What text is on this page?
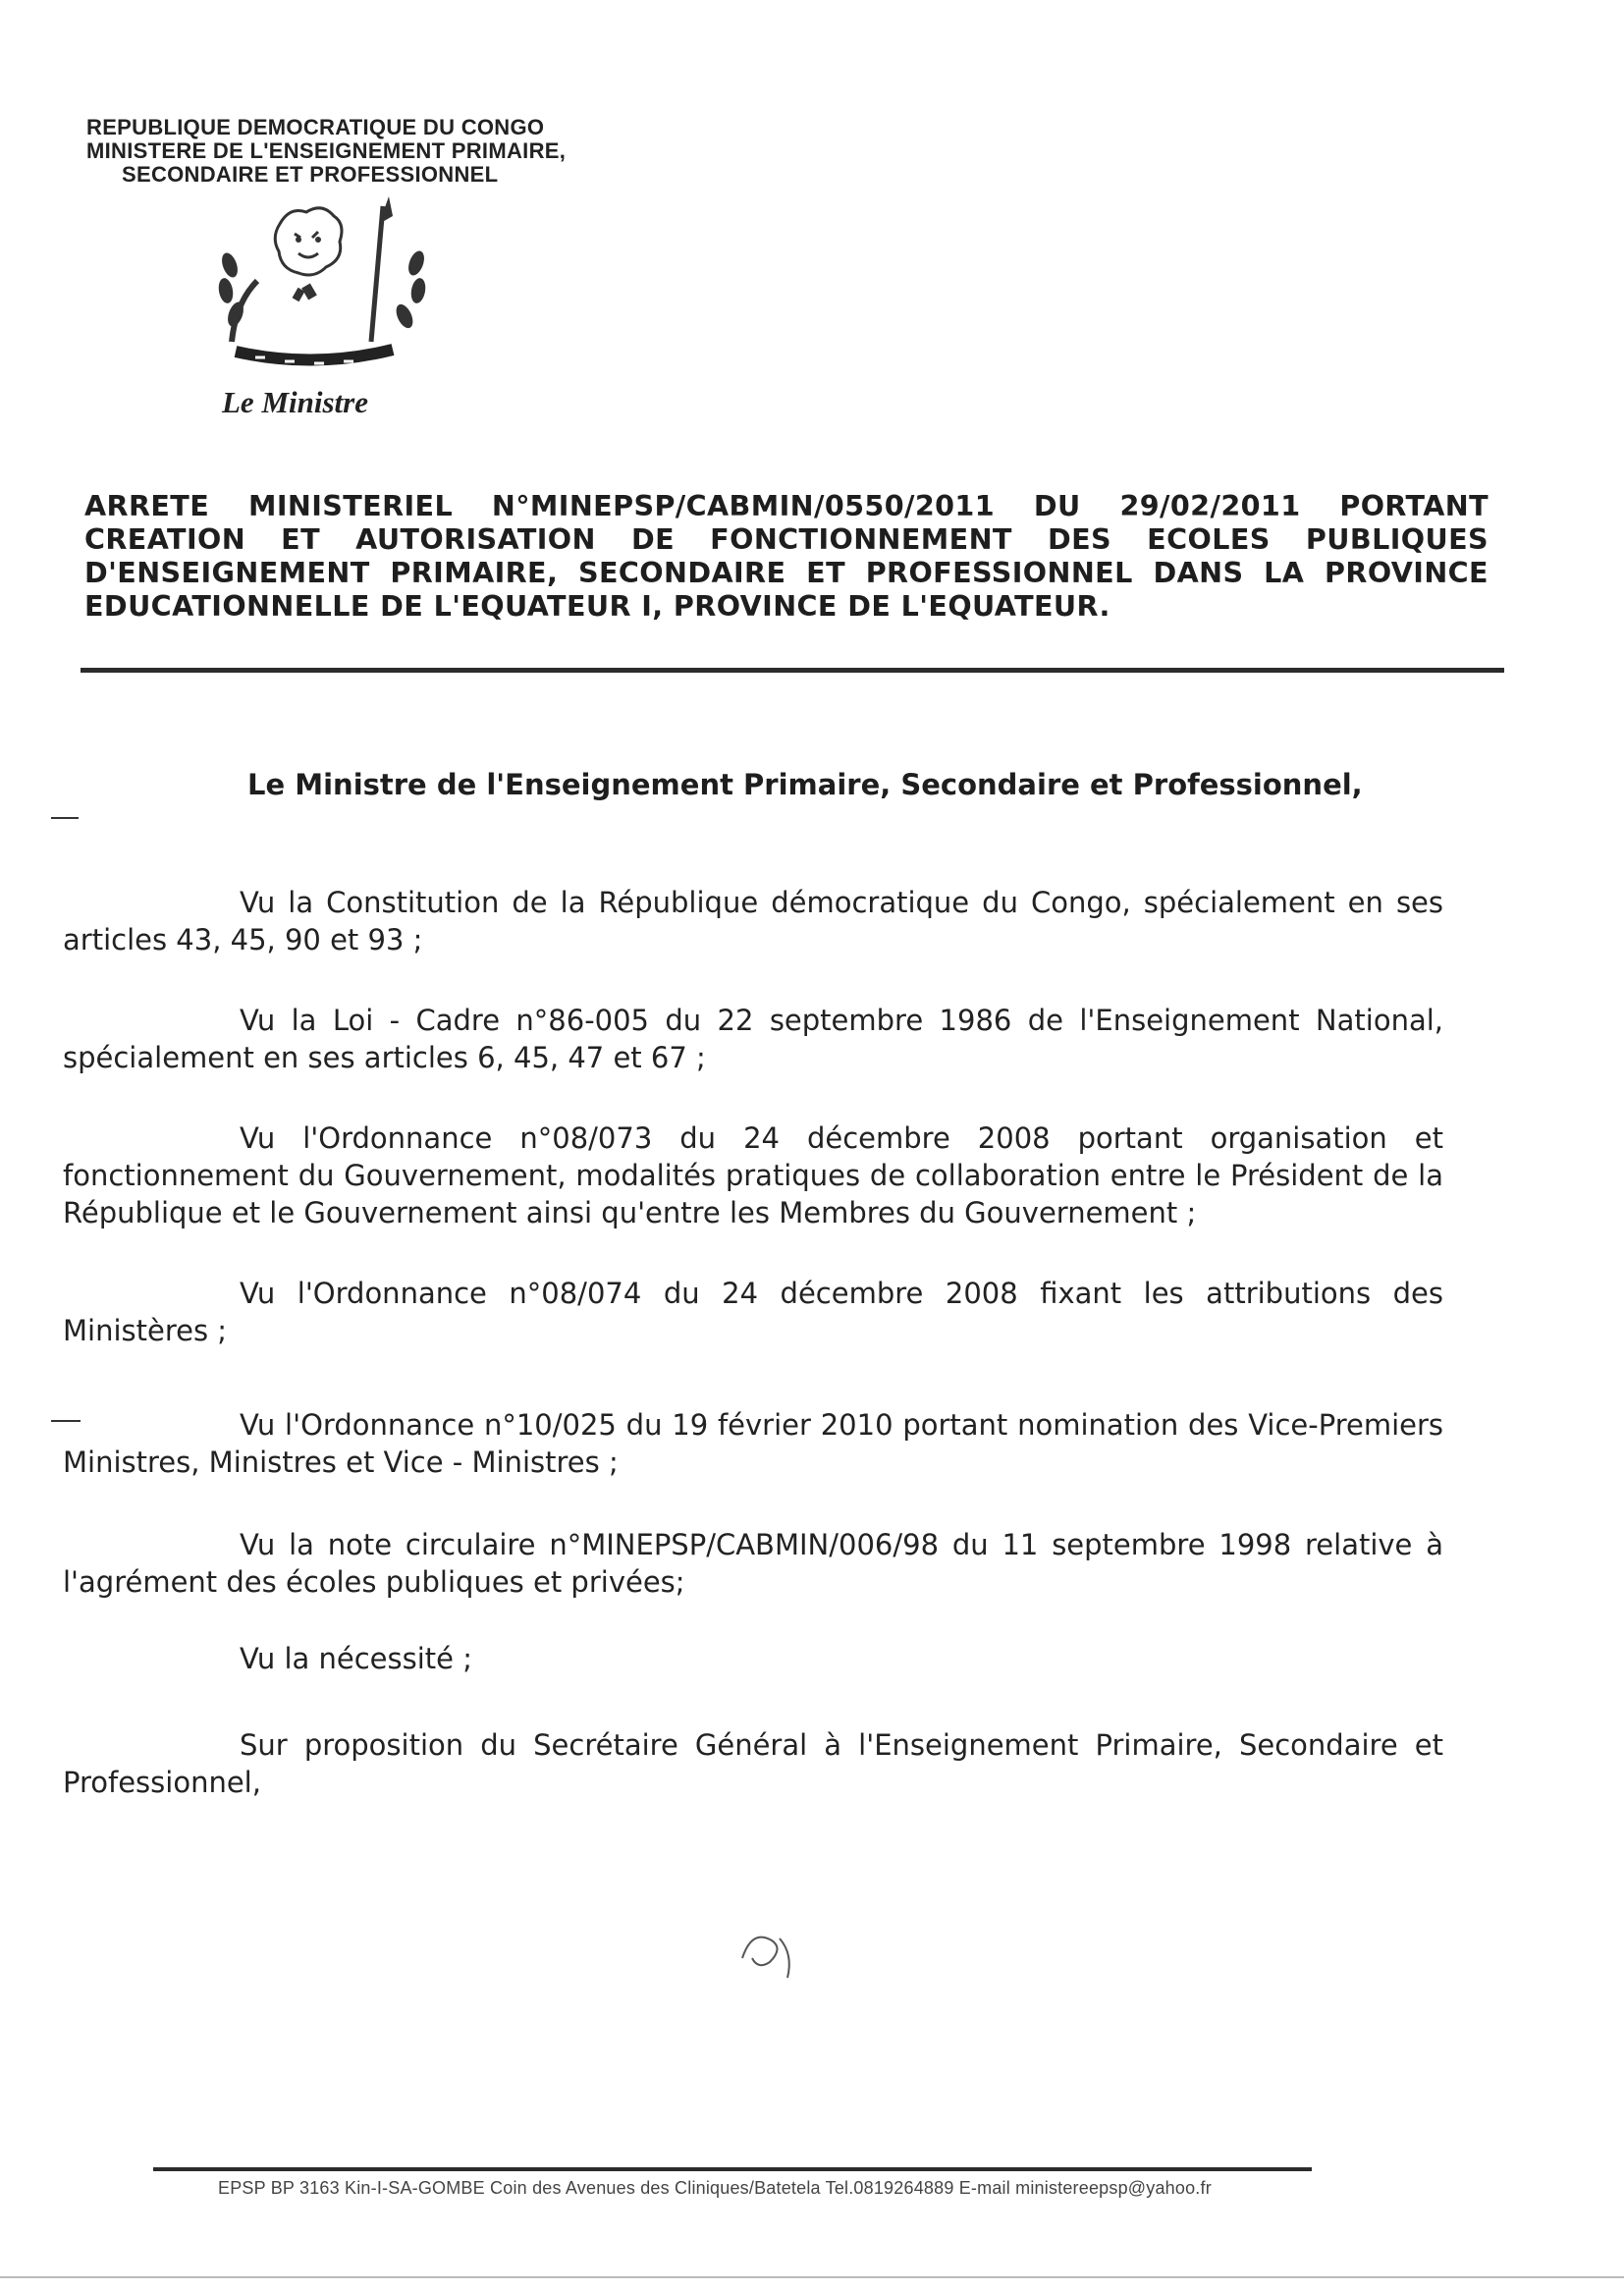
REPUBLIQUE DEMOCRATIQUE DU CONGO
MINISTERE DE L'ENSEIGNEMENT PRIMAIRE,
SECONDAIRE ET PROFESSIONNEL
Le Ministre
ARRETE MINISTERIEL N°MINEPSP/CABMIN/0550/2011 DU 29/02/2011 PORTANT CREATION ET AUTORISATION DE FONCTIONNEMENT DES ECOLES PUBLIQUES D'ENSEIGNEMENT PRIMAIRE, SECONDAIRE ET PROFESSIONNEL DANS LA PROVINCE EDUCATIONNELLE DE L'EQUATEUR I, PROVINCE DE L'EQUATEUR.
Le Ministre de l'Enseignement Primaire, Secondaire et Professionnel,
Vu la Constitution de la République démocratique du Congo, spécialement en ses articles 43, 45, 90 et 93 ;
Vu la Loi - Cadre n°86-005 du 22 septembre 1986 de l'Enseignement National, spécialement en ses articles 6, 45, 47 et 67 ;
Vu l'Ordonnance n°08/073 du 24 décembre 2008 portant organisation et fonctionnement du Gouvernement, modalités pratiques de collaboration entre le Président de la République et le Gouvernement ainsi qu'entre les Membres du Gouvernement ;
Vu l'Ordonnance n°08/074 du 24 décembre 2008 fixant les attributions des Ministères ;
Vu l'Ordonnance n°10/025 du 19 février 2010 portant nomination des Vice-Premiers Ministres, Ministres et Vice - Ministres ;
Vu la note circulaire n°MINEPSP/CABMIN/006/98 du 11 septembre 1998 relative à l'agrément des écoles publiques et privées;
Vu la nécessité ;
Sur proposition du Secrétaire Général à l'Enseignement Primaire, Secondaire et Professionnel,
EPSP BP 3163 Kin-I-SA-GOMBE Coin des Avenues des Cliniques/Batetela Tel.0819264889 E-mail ministereepsp@yahoo.fr
